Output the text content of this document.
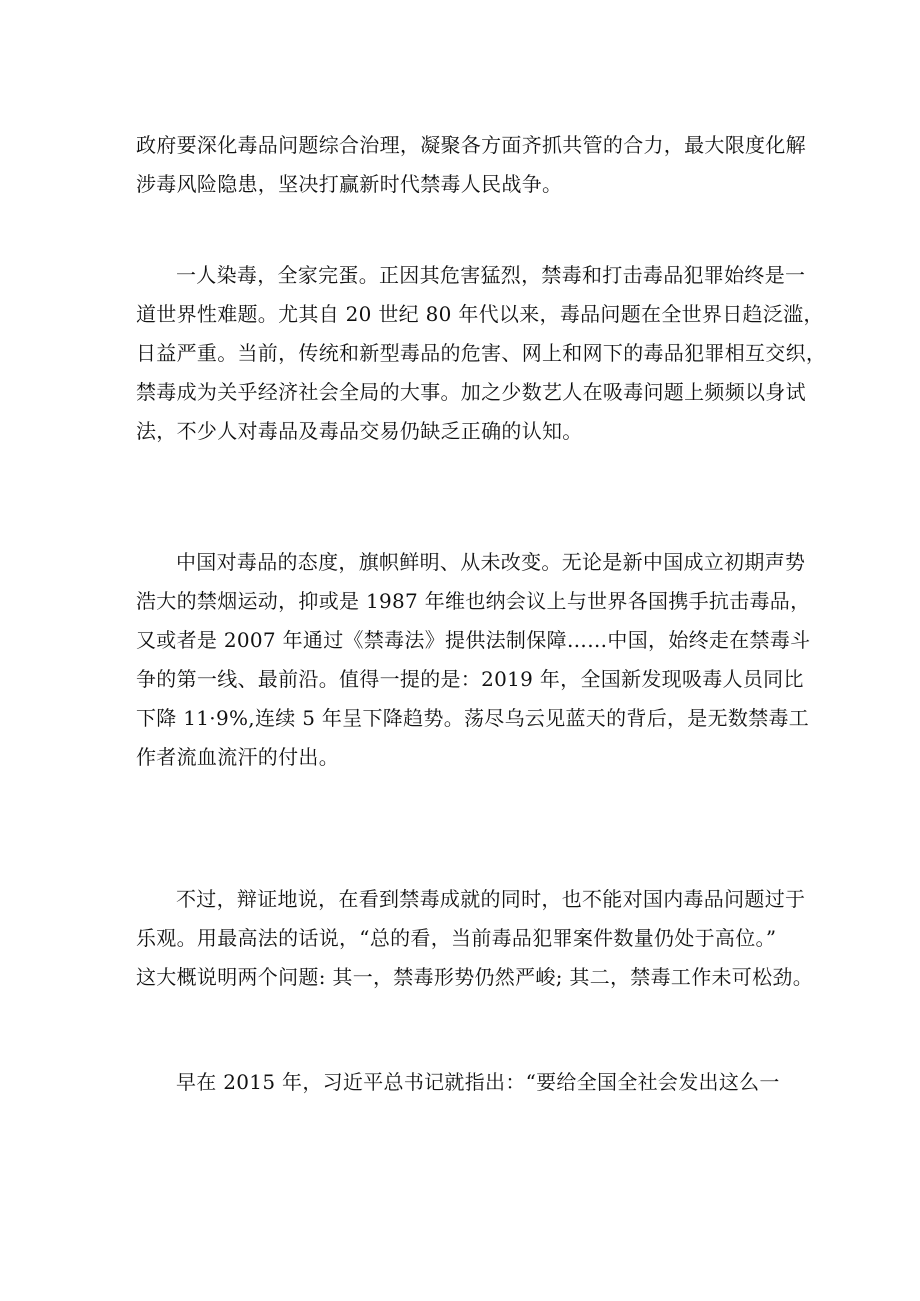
政府要深化毒品问题综合治理，凝聚各方面齐抓共管的合力，最大限度化解
涉毒风险隐患，坚决打赢新时代禁毒人民战争。
一人染毒，全家完蛋。正因其危害猛烈，禁毒和打击毒品犯罪始终是一
道世界性难题。尤其自 20 世纪 80 年代以来，毒品问题在全世界日趋泛滥，
日益严重。当前，传统和新型毒品的危害、网上和网下的毒品犯罪相互交织，
禁毒成为关乎经济社会全局的大事。加之少数艺人在吸毒问题上频频以身试
法，不少人对毒品及毒品交易仍缺乏正确的认知。
中国对毒品的态度，旗帜鲜明、从未改变。无论是新中国成立初期声势
浩大的禁烟运动，抑或是 1987 年维也纳会议上与世界各国携手抗击毒品，
又或者是 2007 年通过《禁毒法》提供法制保障……中国，始终走在禁毒斗
争的第一线、最前沿。值得一提的是：2019 年，全国新发现吸毒人员同比
下降 11·9%,连续 5 年呈下降趋势。荡尽乌云见蓝天的背后，是无数禁毒工
作者流血流汗的付出。
不过，辩证地说，在看到禁毒成就的同时，也不能对国内毒品问题过于
乐观。用最高法的话说，“总的看，当前毒品犯罪案件数量仍处于高位。”
这大概说明两个问题: 其一，禁毒形势仍然严峻; 其二，禁毒工作未可松劲。
早在 2015 年，习近平总书记就指出：“要给全国全社会发出这么一
